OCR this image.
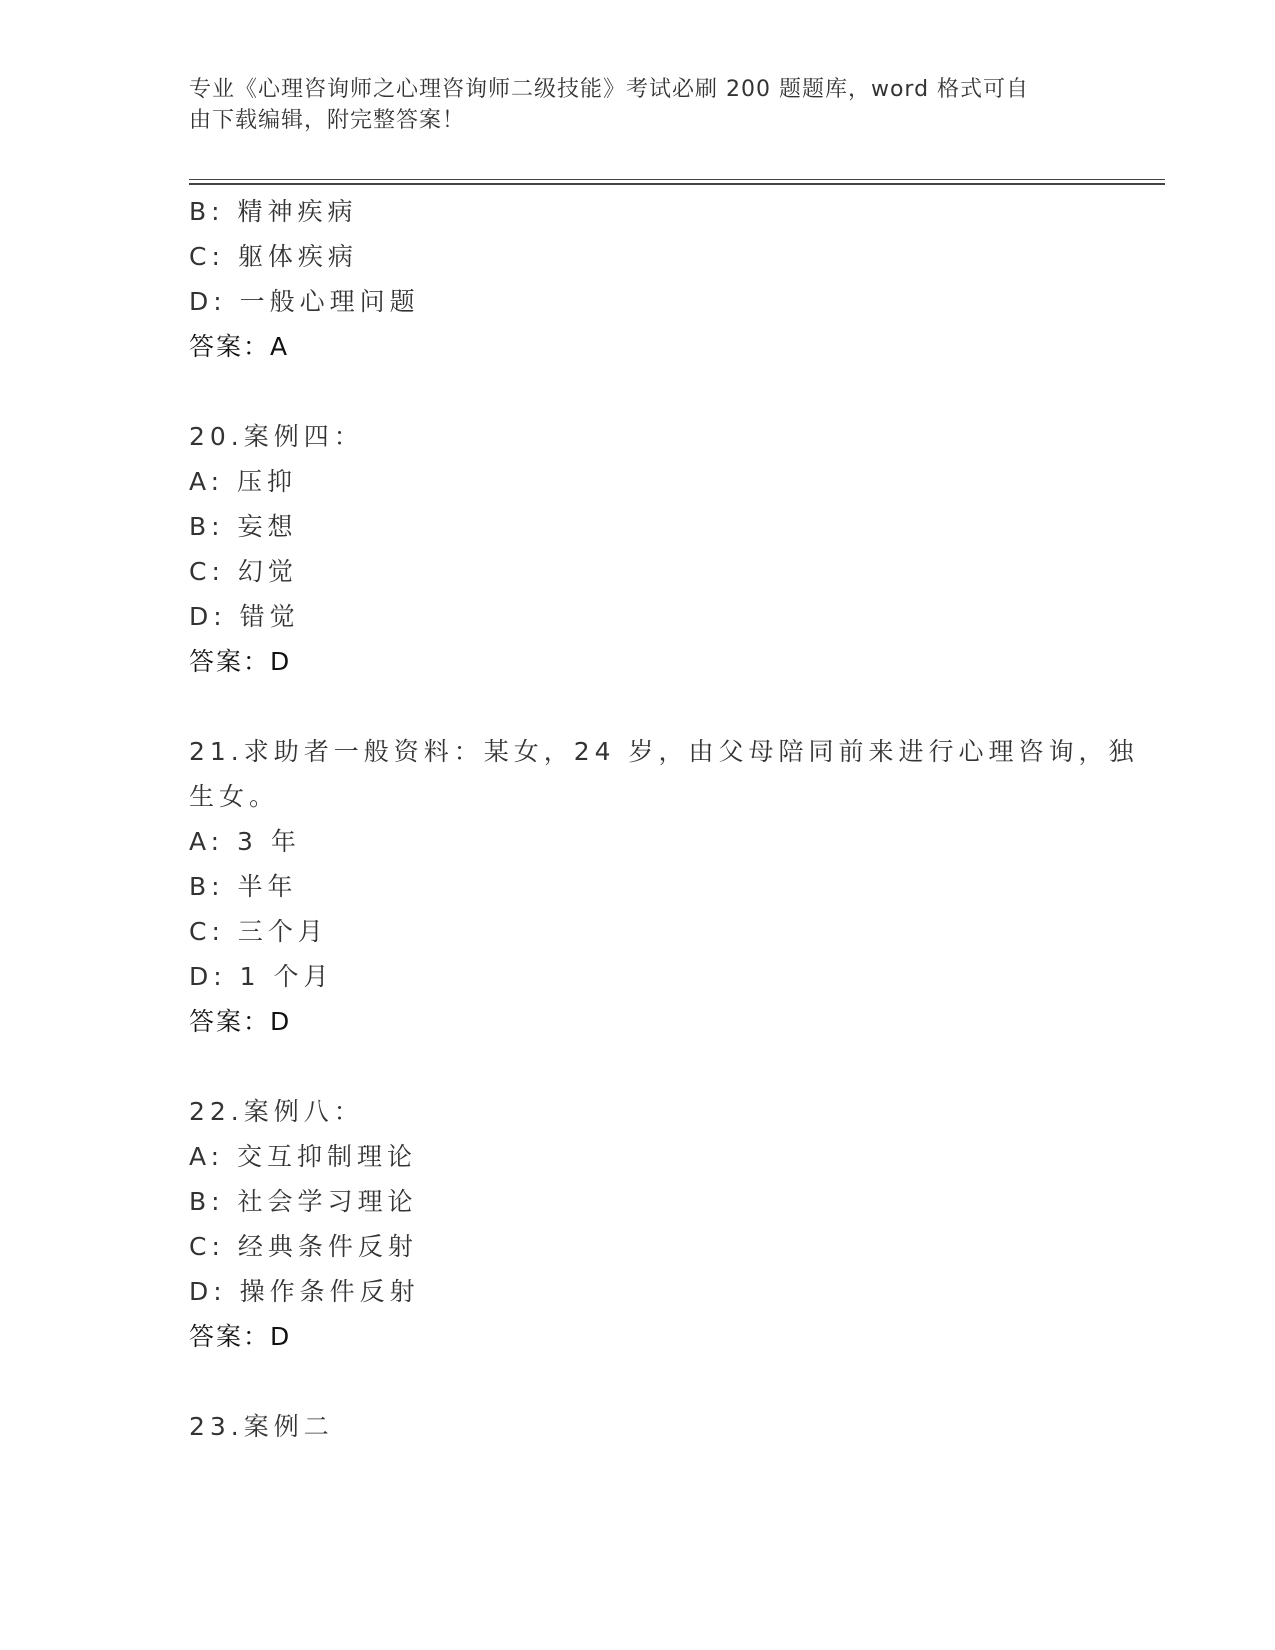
专业《心理咨询师之心理咨询师二级技能》考试必刷 200 题题库，word 格式可自
由下载编辑，附完整答案！
B: 精神疾病
C: 躯体疾病
D: 一般心理问题
答案：A
20.案例四：
A: 压抑
B: 妄想
C: 幻觉
D: 错觉
答案：D
21.求助者一般资料：某女，24 岁，由父母陪同前来进行心理咨询，独
生女。
A: 3 年
B: 半年
C: 三个月
D: 1 个月
答案：D
22.案例八：
A: 交互抑制理论
B: 社会学习理论
C: 经典条件反射
D: 操作条件反射
答案：D
23.案例二
